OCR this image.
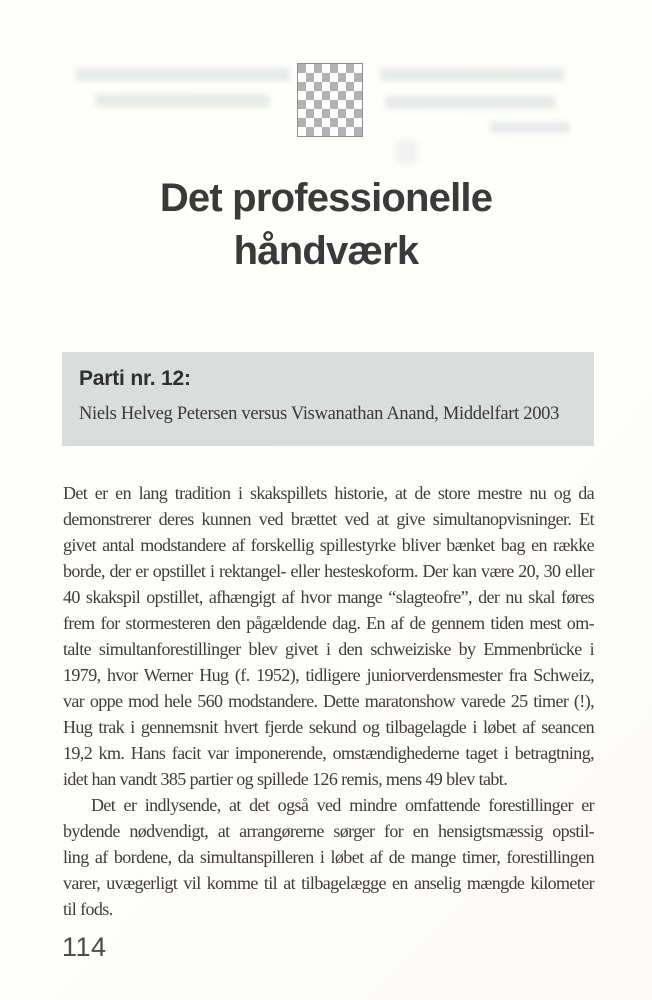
Det professionelle
håndværk
Parti nr. 12:
Niels Helveg Petersen versus Viswanathan Anand, Middelfart 2003
Det er en lang tradition i skakspillets historie, at de store mestre nu og da
demonstrerer deres kunnen ved brættet ved at give simultanopvisninger. Et
givet antal modstandere af forskellig spillestyrke bliver bænket bag en række
borde, der er opstillet i rektangel- eller hesteskoform. Der kan være 20, 30 eller
40 skakspil opstillet, afhængigt af hvor mange “slagteofre”, der nu skal føres
frem for stormesteren den pågældende dag. En af de gennem tiden mest om-
talte simultanforestillinger blev givet i den schweiziske by Emmenbrücke i
1979, hvor Werner Hug (f. 1952), tidligere juniorverdensmester fra Schweiz,
var oppe mod hele 560 modstandere. Dette maratonshow varede 25 timer (!),
Hug trak i gennemsnit hvert fjerde sekund og tilbagelagde i løbet af seancen
19,2 km. Hans facit var imponerende, omstændighederne taget i betragtning,
idet han vandt 385 partier og spillede 126 remis, mens 49 blev tabt.
Det er indlysende, at det også ved mindre omfattende forestillinger er
bydende nødvendigt, at arrangørerne sørger for en hensigtsmæssig opstil-
ling af bordene, da simultanspilleren i løbet af de mange timer, forestillingen
varer, uvægerligt vil komme til at tilbagelægge en anselig mængde kilometer
til fods.
114
